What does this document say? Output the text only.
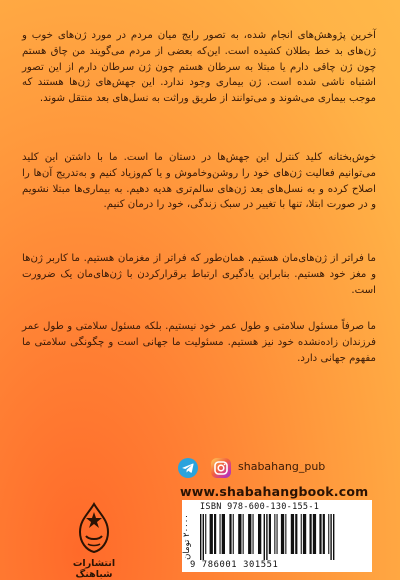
آخرین پژوهش‌های انجام شده، به تصور رایج میان مردم در مورد ژن‌های خوب و ژن‌های بد خط بطلان کشیده است. این‌که بعضی از مردم می‌گویند من چاق هستم چون ژن چاقی دارم یا مبتلا به سرطان هستم چون ژن سرطان دارم از این تصور اشتباه ناشی شده است. ژن بیماری وجود ندارد. این جهش‌های ژن‌ها هستند که موجب بیماری می‌شوند و می‌توانند از طریق وراثت به نسل‌های بعد منتقل شوند.

خوش‌بختانه کلید کنترل این جهش‌ها در دستان ما است. ما با داشتن این کلید می‌توانیم فعالیت ژن‌های خود را روشن‌وخاموش و یا کم‌وزیاد کنیم و به‌تدریج آن‌ها را اصلاح کرده و به نسل‌های بعد ژن‌های سالم‌تری هدیه دهیم. به بیماری‌ها مبتلا نشویم و در صورت ابتلا، تنها با تغییر در سبک زندگی، خود را درمان کنیم.

ما فراتر از ژن‌های‌مان هستیم. همان‌طور که فراتر از مغزمان هستیم. ما کاربر ژن‌ها و مغز خود هستیم. بنابراین یادگیری ارتباط برقرارکردن با ژن‌های‌مان یک ضرورت است.

ما صرفاً مسئول سلامتی و طول عمر خود نیستیم. بلکه مسئول سلامتی و طول عمر فرزندان زاده‌نشده خود نیز هستیم. مسئولیت ما جهانی است و چگونگی سلامتی ما مفهوم جهانی دارد.

shabahang_pub
www.shabahangbook.com
انتشارات شباهنگ
۲۰۰۰۰ تومان
ISBN 978-600-130-155-1
9 786001 301551
